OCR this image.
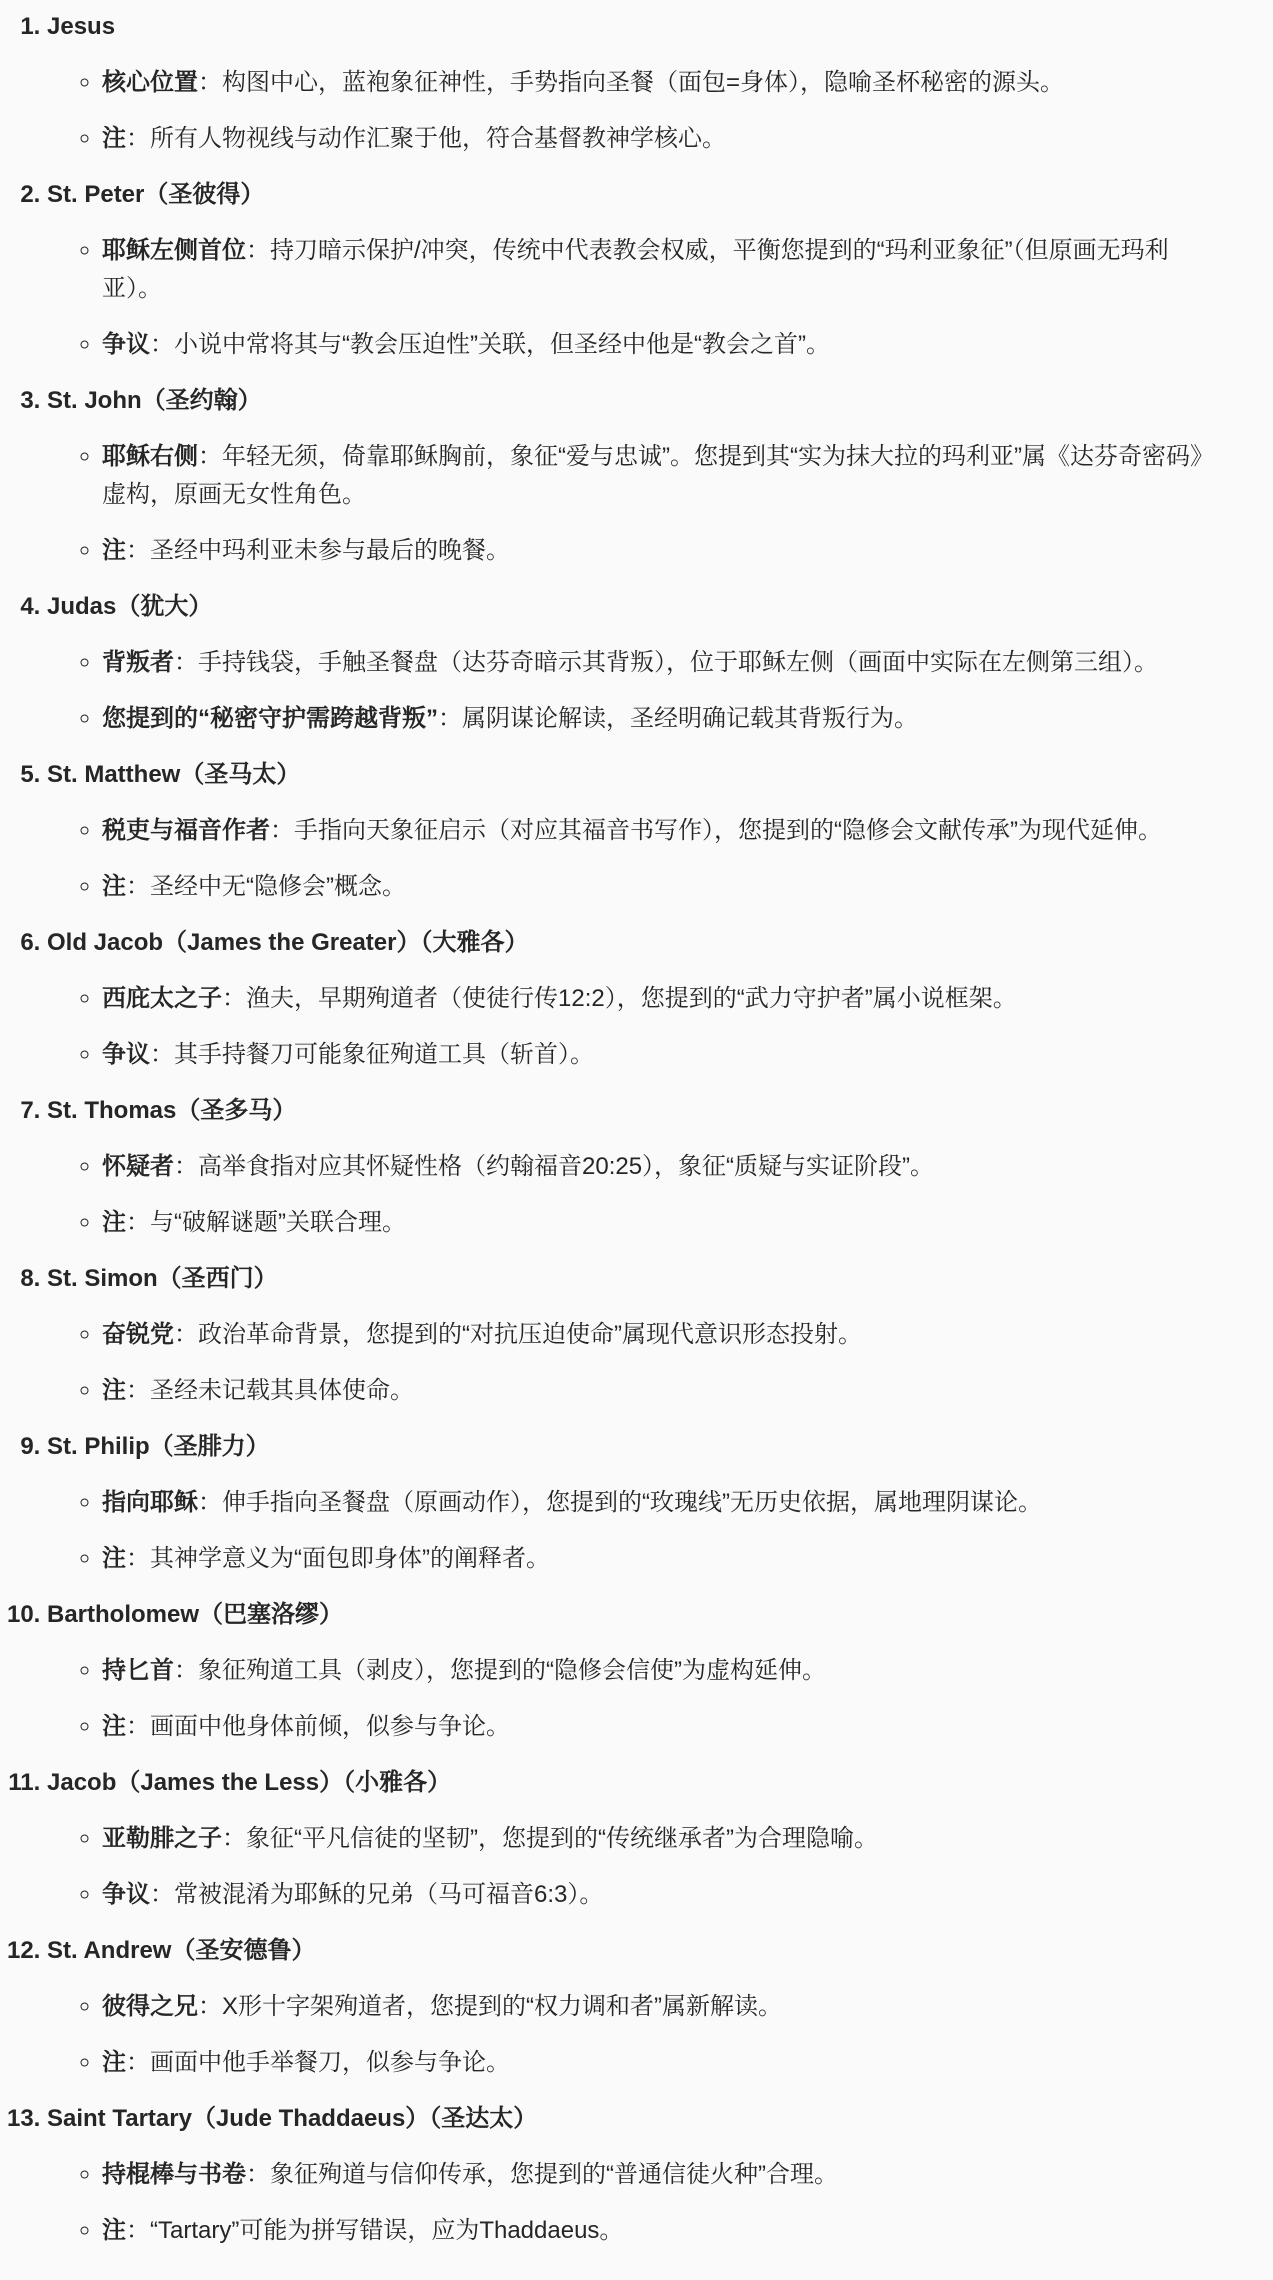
1. Jesus
◦ 核心位置：构图中心，蓝袍象征神性，手势指向圣餐（面包=身体），隐喻圣杯秘密的源头。
◦ 注：所有人物视线与动作汇聚于他，符合基督教神学核心。
2. St. Peter（圣彼得）
◦ 耶稣左侧首位：持刀暗示保护/冲突，传统中代表教会权威，平衡您提到的“玛利亚象征”（但原画无玛利亚）。
◦ 争议：小说中常将其与“教会压迫性”关联，但圣经中他是“教会之首”。
3. St. John（圣约翰）
◦ 耶稣右侧：年轻无须，倚靠耶稣胸前，象征“爱与忠诚”。您提到其“实为抹大拉的玛利亚”属《达芬奇密码》虚构，原画无女性角色。
◦ 注：圣经中玛利亚未参与最后的晚餐。
4. Judas（犹大）
◦ 背叛者：手持钱袋，手触圣餐盘（达芬奇暗示其背叛），位于耶稣左侧（画面中实际在左侧第三组）。
◦ 您提到的“秘密守护需跨越背叛”：属阴谋论解读，圣经明确记载其背叛行为。
5. St. Matthew（圣马太）
◦ 税吏与福音作者：手指向天象征启示（对应其福音书写作），您提到的“隐修会文献传承”为现代延伸。
◦ 注：圣经中无“隐修会”概念。
6. Old Jacob（James the Greater）（大雅各）
◦ 西庇太之子：渔夫，早期殉道者（使徒行传12:2），您提到的“武力守护者”属小说框架。
◦ 争议：其手持餐刀可能象征殉道工具（斩首）。
7. St. Thomas（圣多马）
◦ 怀疑者：高举食指对应其怀疑性格（约翰福音20:25），象征“质疑与实证阶段”。
◦ 注：与“破解谜题”关联合理。
8. St. Simon（圣西门）
◦ 奋锐党：政治革命背景，您提到的“对抗压迫使命”属现代意识形态投射。
◦ 注：圣经未记载其具体使命。
9. St. Philip（圣腓力）
◦ 指向耶稣：伸手指向圣餐盘（原画动作），您提到的“玫瑰线”无历史依据，属地理阴谋论。
◦ 注：其神学意义为“面包即身体”的阐释者。
10. Bartholomew（巴塞洛缪）
◦ 持匕首：象征殉道工具（剥皮），您提到的“隐修会信使”为虚构延伸。
◦ 注：画面中他身体前倾，似参与争论。
11. Jacob（James the Less）（小雅各）
◦ 亚勒腓之子：象征“平凡信徒的坚韧”，您提到的“传统继承者”为合理隐喻。
◦ 争议：常被混淆为耶稣的兄弟（马可福音6:3）。
12. St. Andrew（圣安德鲁）
◦ 彼得之兄：X形十字架殉道者，您提到的“权力调和者”属新解读。
◦ 注：画面中他手举餐刀，似参与争论。
13. Saint Tartary（Jude Thaddaeus）（圣达太）
◦ 持棍棒与书卷：象征殉道与信仰传承，您提到的“普通信徒火种”合理。
◦ 注：“Tartary”可能为拼写错误，应为Thaddaeus。
